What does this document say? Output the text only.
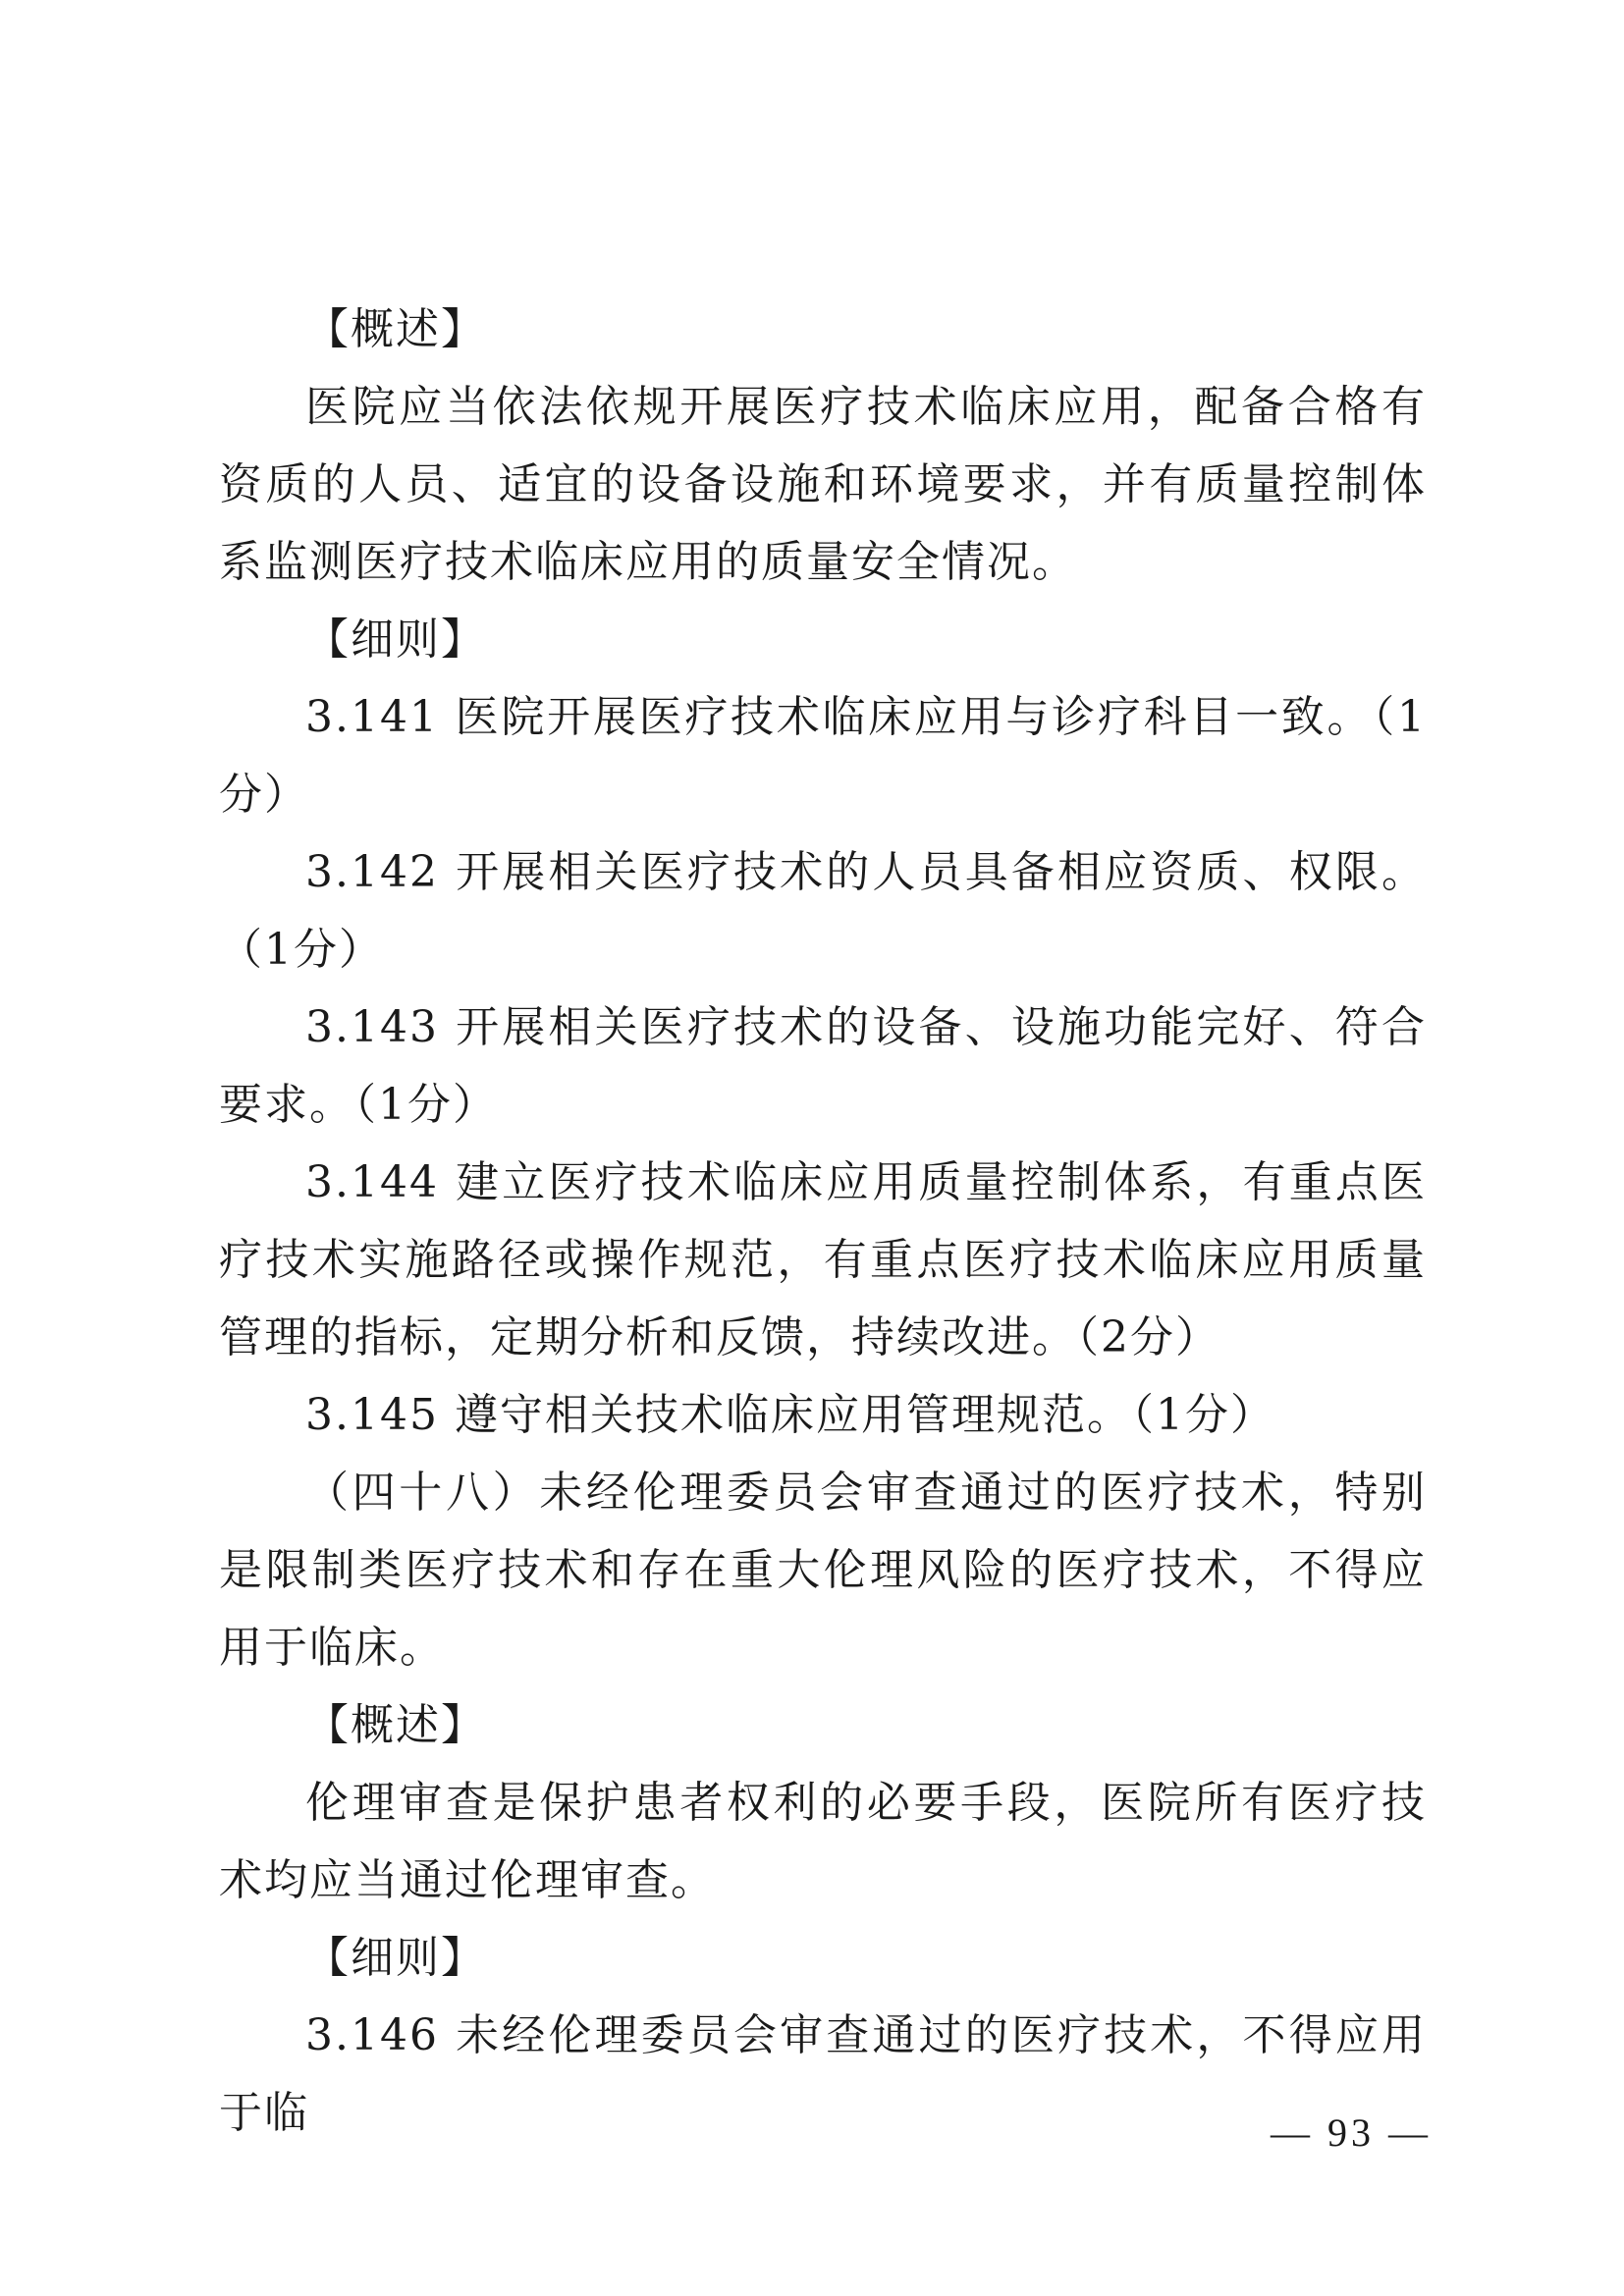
【概述】

医院应当依法依规开展医疗技术临床应用，配备合格有资质的人员、适宜的设备设施和环境要求，并有质量控制体系监测医疗技术临床应用的质量安全情况。

【细则】

3.141 医院开展医疗技术临床应用与诊疗科目一致。（1分）

3.142 开展相关医疗技术的人员具备相应资质、权限。（1分）

3.143 开展相关医疗技术的设备、设施功能完好、符合要求。（1分）

3.144 建立医疗技术临床应用质量控制体系，有重点医疗技术实施路径或操作规范，有重点医疗技术临床应用质量管理的指标，定期分析和反馈，持续改进。（2分）

3.145 遵守相关技术临床应用管理规范。（1分）

（四十八）未经伦理委员会审查通过的医疗技术，特别是限制类医疗技术和存在重大伦理风险的医疗技术，不得应用于临床。

【概述】

伦理审查是保护患者权利的必要手段，医院所有医疗技术均应当通过伦理审查。

【细则】

3.146 未经伦理委员会审查通过的医疗技术，不得应用于临	— 93 —
